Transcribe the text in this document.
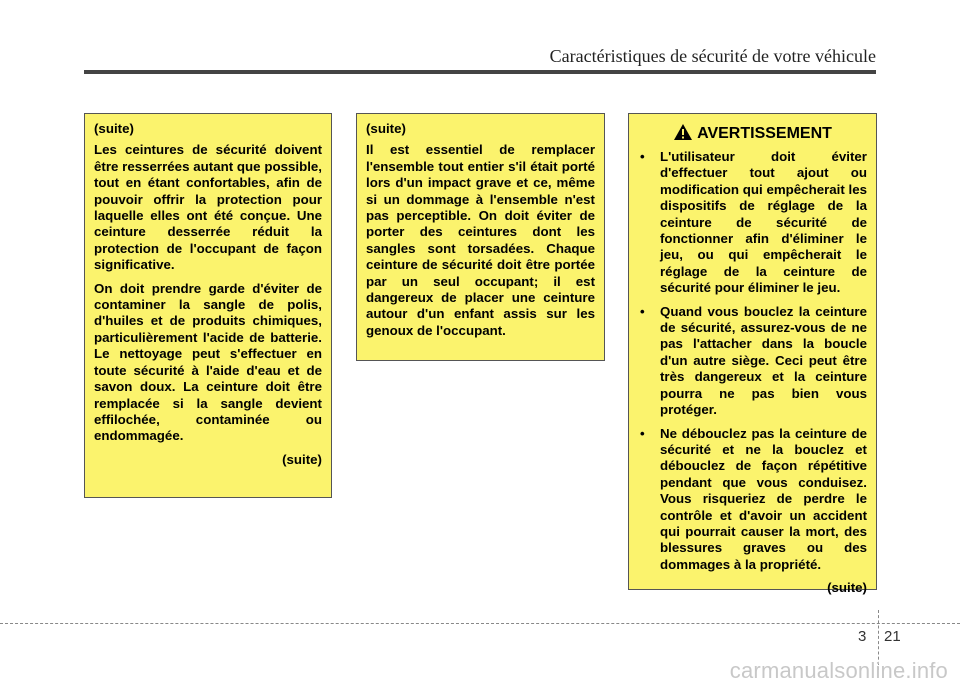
Caractéristiques de sécurité de votre véhicule

(suite)

Les ceintures de sécurité doivent être resserrées autant que possible, tout en étant confortables, afin de pouvoir offrir la protection pour laquelle elles ont été conçue. Une ceinture desserrée réduit la protection de l'occupant de façon significative.

On doit prendre garde d'éviter de contaminer la sangle de polis, d'huiles et de produits chimiques, particulièrement l'acide de batterie. Le nettoyage peut s'effectuer en toute sécurité à l'aide d'eau et de savon doux. La ceinture doit être remplacée si la sangle devient effilochée, contaminée ou endommagée.

(suite)

(suite)

Il est essentiel de remplacer l'ensemble tout entier s'il était porté lors d'un impact grave et ce, même si un dommage à l'ensemble n'est pas perceptible. On doit éviter de porter des ceintures dont les sangles sont torsadées. Chaque ceinture de sécurité doit être portée par un seul occupant; il est dangereux de placer une ceinture autour d'un enfant assis sur les genoux de l'occupant.

AVERTISSEMENT
• L'utilisateur doit éviter d'effectuer tout ajout ou modification qui empêcherait les dispositifs de réglage de la ceinture de sécurité de fonctionner afin d'éliminer le jeu, ou qui empêcherait le réglage de la ceinture de sécurité pour éliminer le jeu.
• Quand vous bouclez la ceinture de sécurité, assurez-vous de ne pas l'attacher dans la boucle d'un autre siège. Ceci peut être très dangereux et la ceinture pourra ne pas bien vous protéger.
• Ne débouclez pas la ceinture de sécurité et ne la bouclez et débouclez de façon répétitive pendant que vous conduisez. Vous risqueriez de perdre le contrôle et d'avoir un accident qui pourrait causer la mort, des blessures graves ou des dommages à la propriété.

(suite)

3 21
carmanualsonline.info
